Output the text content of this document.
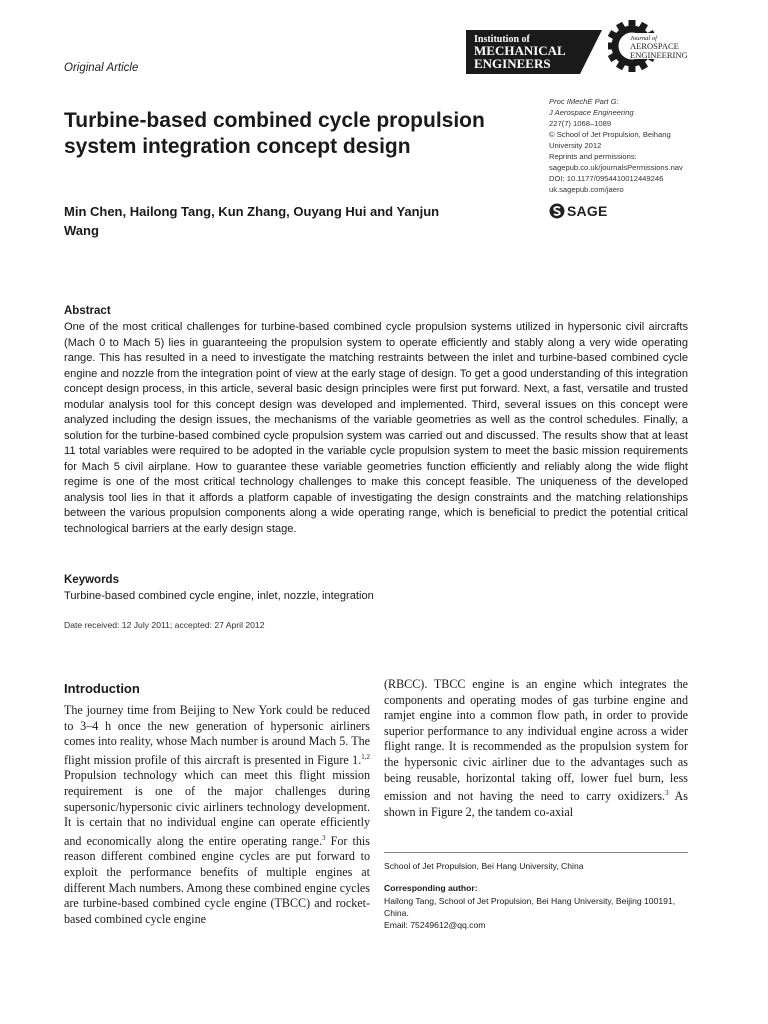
Original Article
Institution of
MECHANICAL
ENGINEERS
Journal of
AEROSPACE
ENGINEERING
Proc IMechE Part G:
J Aerospace Engineering
227(7) 1068–1089
© School of Jet Propulsion, Beihang
University 2012
Reprints and permissions:
sagepub.co.uk/journalsPermissions.nav
DOI: 10.1177/0954410012449246
uk.sagepub.com/jaero
SAGE
Turbine-based combined cycle propulsion system integration concept design
Min Chen, Hailong Tang, Kun Zhang, Ouyang Hui and Yanjun Wang
Abstract
One of the most critical challenges for turbine-based combined cycle propulsion systems utilized in hypersonic civil aircrafts (Mach 0 to Mach 5) lies in guaranteeing the propulsion system to operate efficiently and stably along a very wide operating range. This has resulted in a need to investigate the matching restraints between the inlet and turbine-based combined cycle engine and nozzle from the integration point of view at the early stage of design. To get a good understanding of this integration concept design process, in this article, several basic design principles were first put forward. Next, a fast, versatile and trusted modular analysis tool for this concept design was developed and implemented. Third, several issues on this concept were analyzed including the design issues, the mechanisms of the variable geometries as well as the control schedules. Finally, a solution for the turbine-based combined cycle propulsion system was carried out and discussed. The results show that at least 11 total variables were required to be adopted in the variable cycle propulsion system to meet the basic mission requirements for Mach 5 civil airplane. How to guarantee these variable geometries function efficiently and reliably along the wide flight regime is one of the most critical technology challenges to make this concept feasible. The uniqueness of the developed analysis tool lies in that it affords a platform capable of investigating the design constraints and the matching relationships between the various propulsion components along a wide operating range, which is beneficial to predict the potential critical technological barriers at the early design stage.
Keywords
Turbine-based combined cycle engine, inlet, nozzle, integration
Date received: 12 July 2011; accepted: 27 April 2012
Introduction
The journey time from Beijing to New York could be reduced to 3–4 h once the new generation of hypersonic airliners comes into reality, whose Mach number is around Mach 5. The flight mission profile of this aircraft is presented in Figure 1.$^{1,2}$ Propulsion technology which can meet this flight mission requirement is one of the major challenges during supersonic/hypersonic civic airliners technology development. It is certain that no individual engine can operate efficiently and economically along the entire operating range.$^3$ For this reason different combined engine cycles are put forward to exploit the performance benefits of multiple engines at different Mach numbers. Among these combined engine cycles are turbine-based combined cycle engine (TBCC) and rocket-based combined cycle engine
(RBCC). TBCC engine is an engine which integrates the components and operating modes of gas turbine engine and ramjet engine into a common flow path, in order to provide superior performance to any individual engine across a wider flight range. It is recommended as the propulsion system for the hypersonic civic airliner due to the advantages such as being reusable, horizontal taking off, lower fuel burn, less emission and not having the need to carry oxidizers.$^3$ As shown in Figure 2, the tandem co-axial
School of Jet Propulsion, Bei Hang University, China
Corresponding author:
Hailong Tang, School of Jet Propulsion, Bei Hang University, Beijing 100191, China.
Email: 75249612@qq.com
